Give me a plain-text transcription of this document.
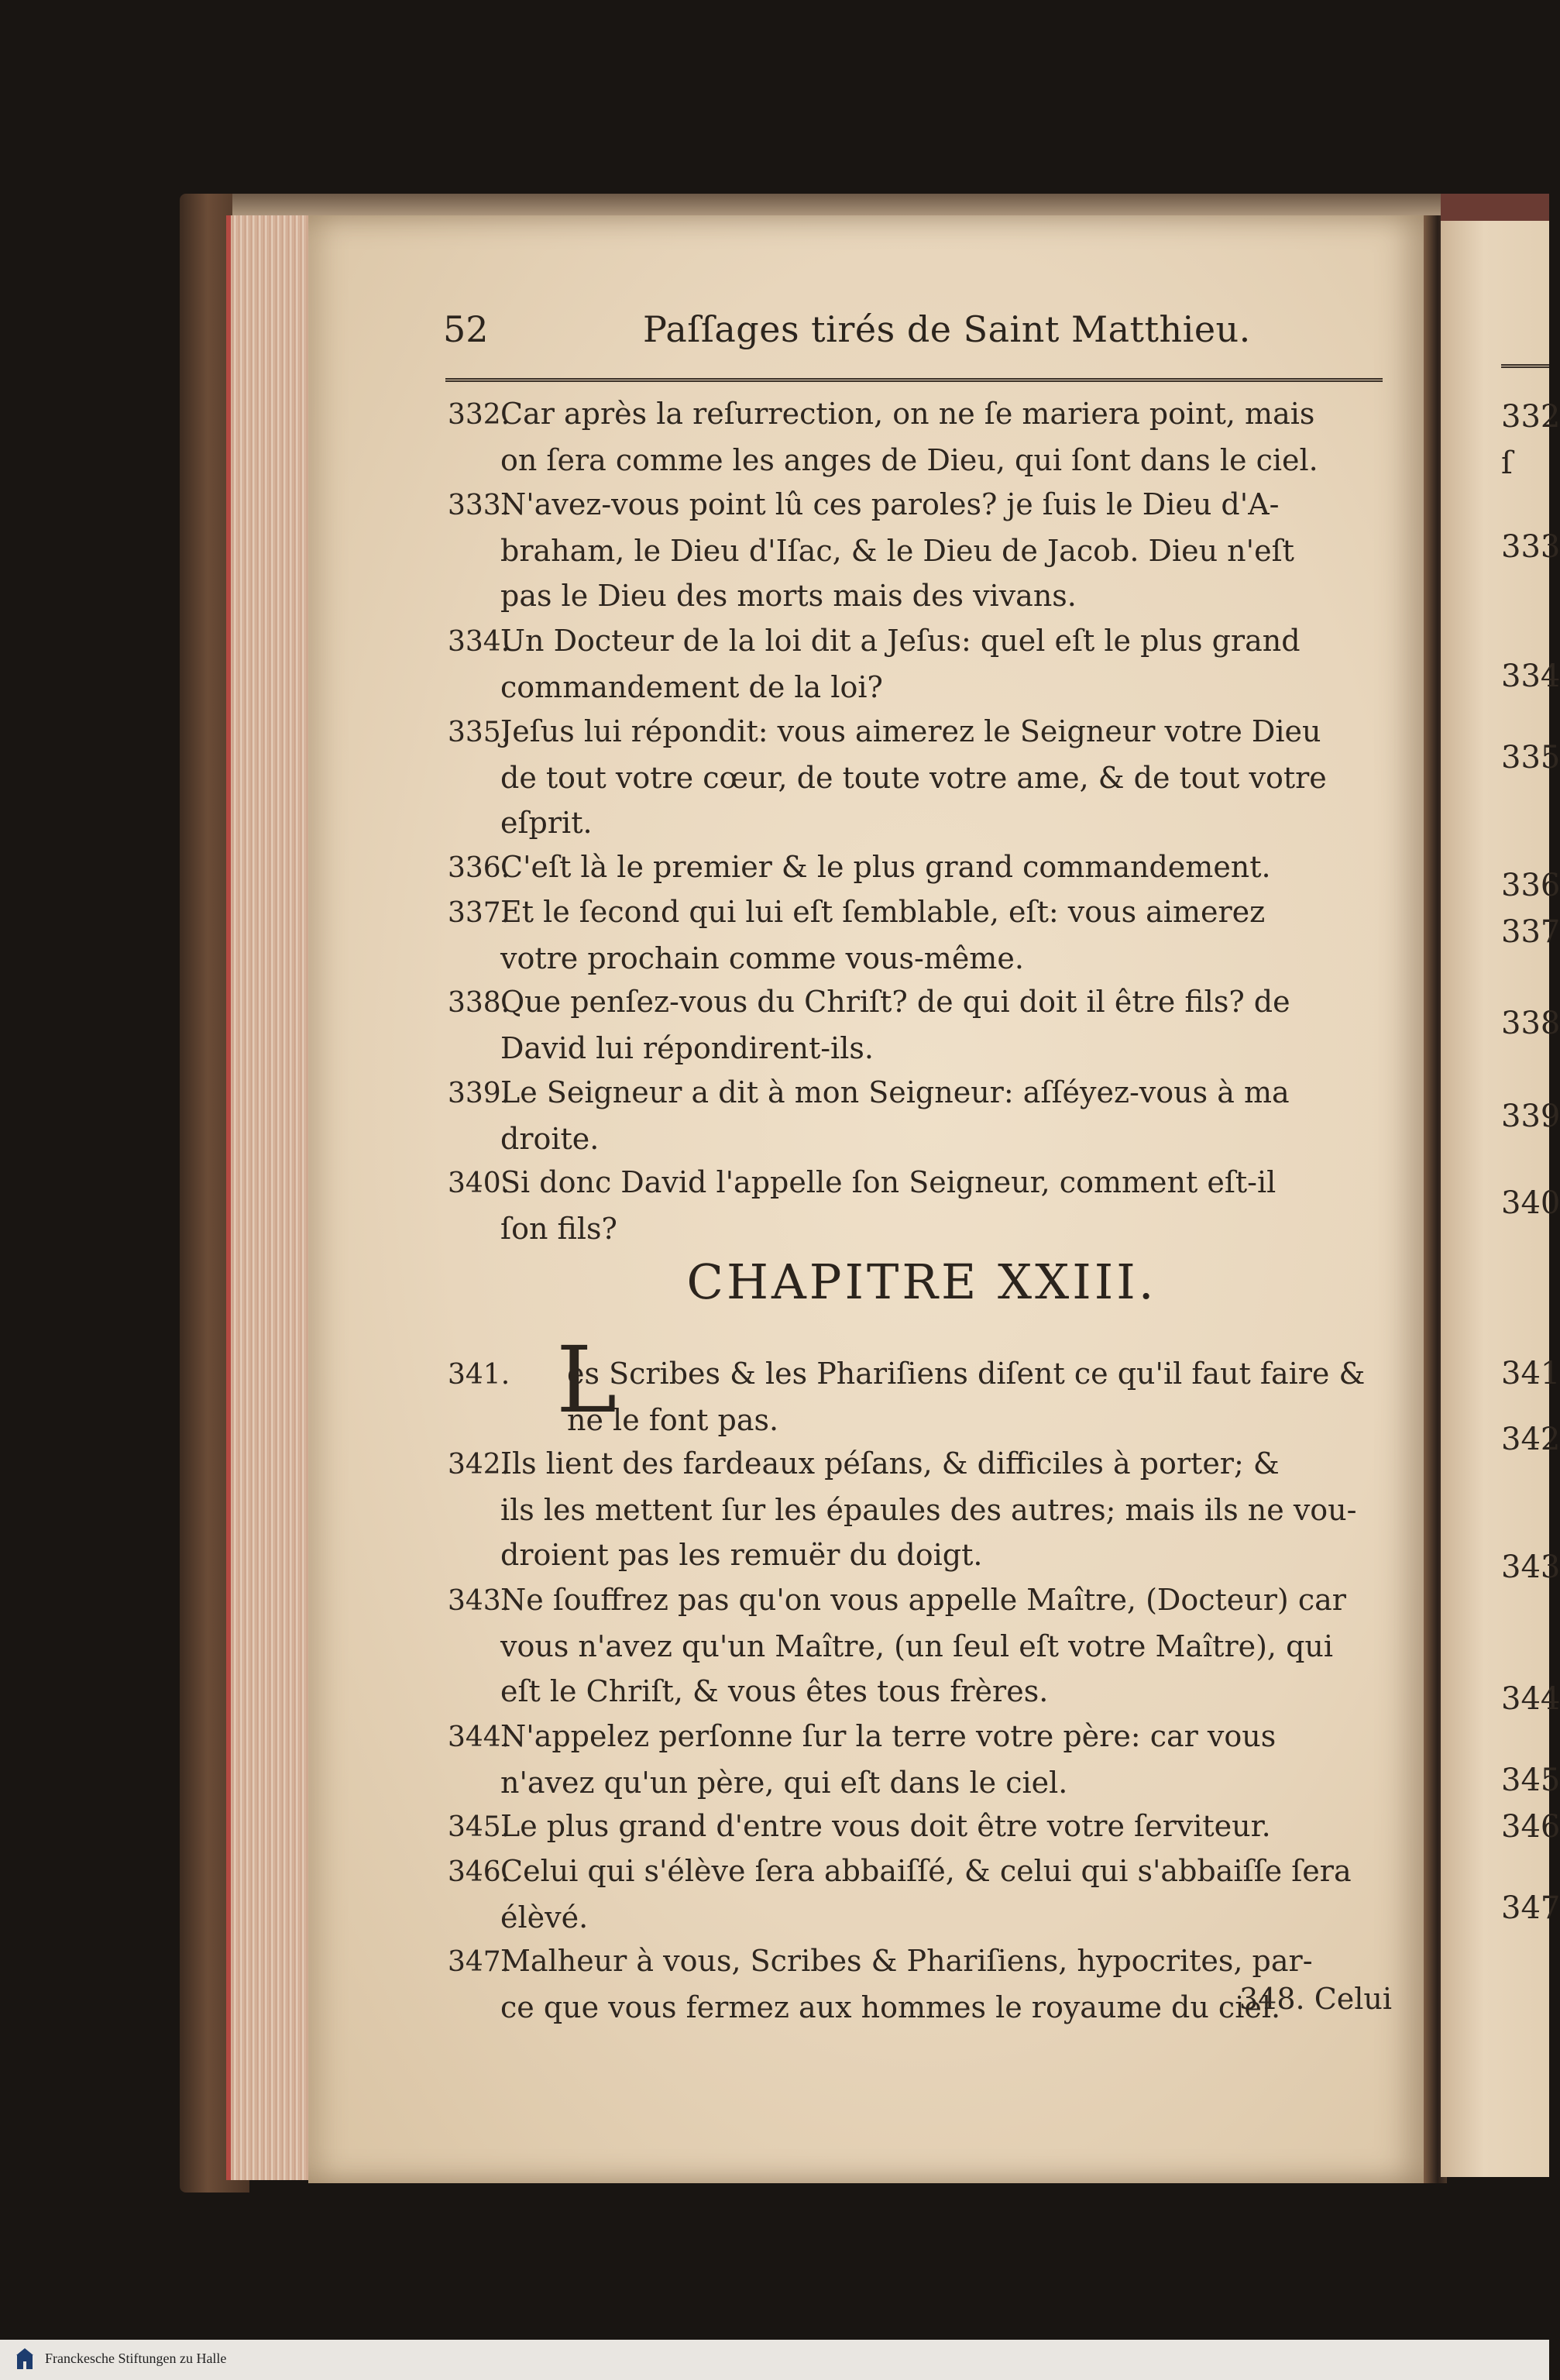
52	Paſſages tirés de Saint Matthieu.
332.Car après la reſurrection, on ne ſe mariera point, mais
on ſera comme les anges de Dieu, qui ſont dans le ciel.
333.N'avez-vous point lû ces paroles? je ſuis le Dieu d'A-
braham, le Dieu d'Iſac, & le Dieu de Jacob. Dieu n'eſt
pas le Dieu des morts mais des vivans.
334.Un Docteur de la loi dit a Jeſus: quel eſt le plus grand
commandement de la loi?
335.Jeſus lui répondit: vous aimerez le Seigneur votre Dieu
de tout votre cœur, de toute votre ame, & de tout votre
eſprit.
336.C'eſt là le premier & le plus grand commandement.
337.Et le ſecond qui lui eſt ſemblable, eſt: vous aimerez
votre prochain comme vous-même.
338.Que penſez-vous du Chriſt? de qui doit il être fils? de
David lui répondirent-ils.
339.Le Seigneur a dit à mon Seigneur: aſſéyez-vous à ma
droite.
340.Si donc David l'appelle ſon Seigneur, comment eſt-il
ſon fils?
CHAPITRE XXIII.
341. es Scribes & les Phariſiens diſent ce qu'il faut faire &
ne le font pas.
342.Ils lient des fardeaux péſans, & difficiles à porter; &
ils les mettent ſur les épaules des autres; mais ils ne vou-
droient pas les remuër du doigt.
343.Ne ſouffrez pas qu'on vous appelle Maître, (Docteur) car
vous n'avez qu'un Maître, (un ſeul eſt votre Maître), qui
eſt le Chriſt, & vous êtes tous frères.
344.N'appelez perſonne ſur la terre votre père: car vous
n'avez qu'un père, qui eſt dans le ciel.
345.Le plus grand d'entre vous doit être votre ſerviteur.
346.Celui qui s'élève ſera abbaiſſé, & celui qui s'abbaiſſe ſera
élèvé.
347.Malheur à vous, Scribes & Phariſiens, hypocrites, par-
ce que vous fermez aux hommes le royaume du ciel.
348. Celui
332
ſ
333
334
335
336
337
338
339
340
341
342
343
344
345
346
347
Franckesche Stiftungen zu Halle
L
